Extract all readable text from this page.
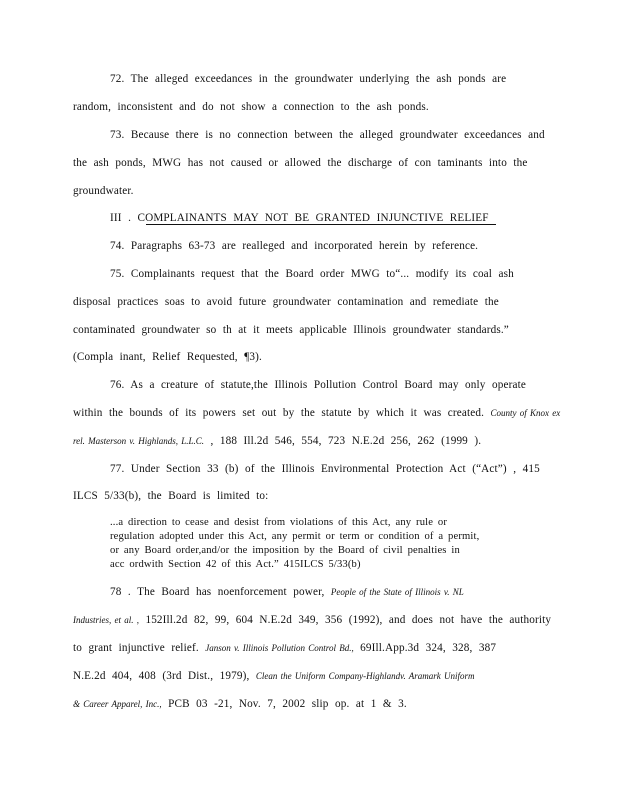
72. The alleged exceedances in the groundwater underlying the ash ponds are
random, inconsistent and do not show a connection to the ash ponds.
73. Because there is no connection between the alleged groundwater exceedances and
the ash ponds, MWG has not caused or allowed the discharge of con taminants into the
groundwater.
III . COMPLAINANTS MAY NOT BE GRANTED INJUNCTIVE RELIEF
74. Paragraphs 63-73 are realleged and incorporated herein by reference.
75. Complainants request that the Board order MWG to“... modify its coal ash
disposal practices soas to avoid future groundwater contamination and remediate the
contaminated groundwater so th at it meets applicable Illinois groundwater standards.”
(Compla inant, Relief Requested, ¶3).
76. As a creature of statute,the Illinois Pollution Control Board may only operate
within the bounds of its powers set out by the statute by which it was created. County of Knox ex
rel. Masterson v. Highlands, L.L.C. , 188 Ill.2d 546, 554, 723 N.E.2d 256, 262 (1999 ).
77. Under Section 33 (b) of the Illinois Environmental Protection Act (“Act”) , 415
ILCS 5/33(b), the Board is limited to:
...a direction to cease and desist from violations of this Act, any rule or
regulation adopted under this Act, any permit or term or condition of a permit,
or any Board order,and/or the imposition by the Board of civil penalties in
acc ordwith Section 42 of this Act.” 415ILCS 5/33(b)
78 . The Board has noenforcement power, People of the State of Illinois v. NL
Industries, et al. , 152Ill.2d 82, 99, 604 N.E.2d 349, 356 (1992), and does not have the authority
to grant injunctive relief. Janson v. Illinois Pollution Control Bd., 69Ill.App.3d 324, 328, 387
N.E.2d 404, 408 (3rd Dist., 1979), Clean the Uniform Company-Highlandv. Aramark Uniform
& Career Apparel, Inc., PCB 03 -21, Nov. 7, 2002 slip op. at 1 & 3.
